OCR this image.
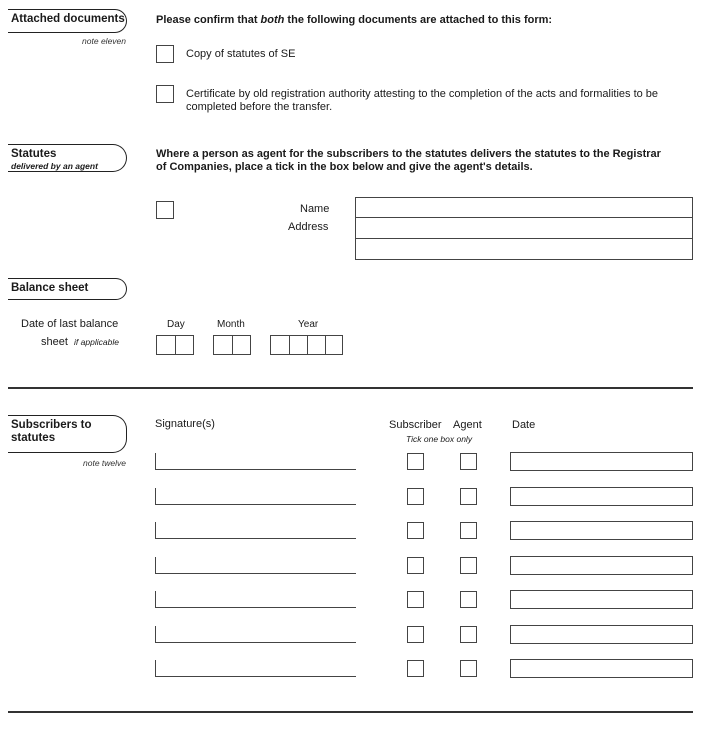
Attached documents
note eleven
Please confirm that both the following documents are attached to this form:
Copy of statutes of SE
Certificate by old registration authority attesting to the completion of the acts and formalities to be
completed before the transfer.
Statutes
delivered by an agent
Where a person as agent for the subscribers to the statutes delivers the statutes to the Registrar
of Companies, place a tick in the box below and give the agent's details.
Name
Address
Balance sheet
Date of last balance
sheet if applicable
Day	Month	Year
Subscribers to
statutes
note twelve
Signature(s)	Subscriber Agent
Tick one box only
Date
